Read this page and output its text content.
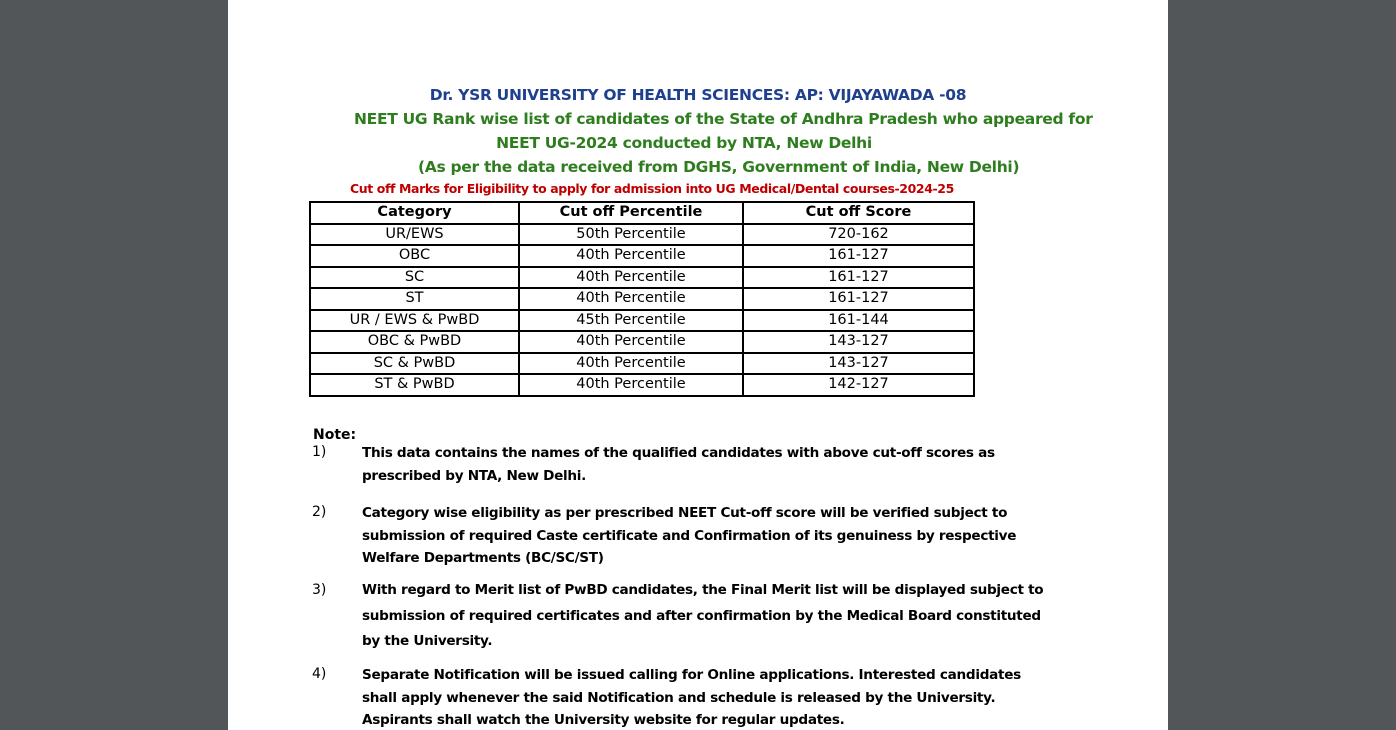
Dr. YSR UNIVERSITY OF HEALTH SCIENCES: AP: VIJAYAWADA -08
NEET UG Rank wise list of candidates of the State of Andhra Pradesh who appeared for
NEET UG-2024 conducted by NTA, New Delhi
(As per the data received from DGHS, Government of India, New Delhi)
Cut off Marks for Eligibility to apply for admission into UG Medical/Dental courses-2024-25
Category	Cut off Percentile	Cut off Score
UR/EWS	50th Percentile	720-162
OBC	40th Percentile	161-127
SC	40th Percentile	161-127
ST	40th Percentile	161-127
UR / EWS & PwBD	45th Percentile	161-144
OBC & PwBD	40th Percentile	143-127
SC & PwBD	40th Percentile	143-127
ST & PwBD	40th Percentile	142-127
Note:
1)	This data contains the names of the qualified candidates with above cut-off scores as prescribed by NTA, New Delhi.
2)	Category wise eligibility as per prescribed NEET Cut-off score will be verified subject to submission of required Caste certificate and Confirmation of its genuiness by respective Welfare Departments (BC/SC/ST)
3)	With regard to Merit list of PwBD candidates, the Final Merit list will be displayed subject to submission of required certificates and after confirmation by the Medical Board constituted by the University.
4)	Separate Notification will be issued calling for Online applications. Interested candidates shall apply whenever the said Notification and schedule is released by the University. Aspirants shall watch the University website for regular updates.
